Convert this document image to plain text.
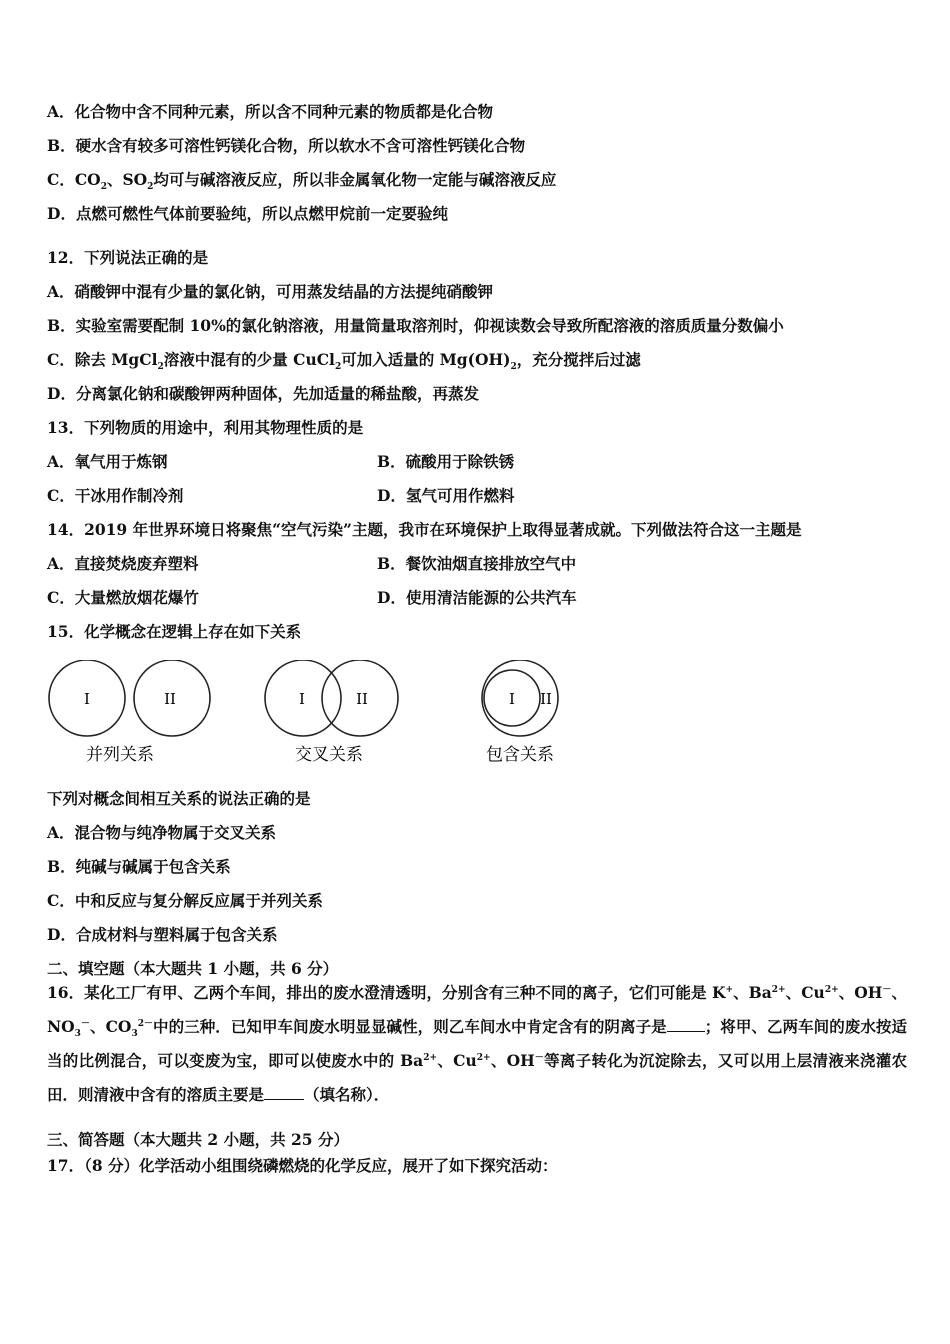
A．化合物中含不同种元素，所以含不同种元素的物质都是化合物
B．硬水含有较多可溶性钙镁化合物，所以软水不含可溶性钙镁化合物
C．$CO_2$、$SO_2$均可与碱溶液反应，所以非金属氧化物一定能与碱溶液反应
D．点燃可燃性气体前要验纯，所以点燃甲烷前一定要验纯
12．下列说法正确的是
A．硝酸钾中混有少量的氯化钠，可用蒸发结晶的方法提纯硝酸钾
B．实验室需要配制 10%的氯化钠溶液，用量筒量取溶剂时，仰视读数会导致所配溶液的溶质质量分数偏小
C．除去 MgCl$_2$溶液中混有的少量 CuCl$_2$可加入适量的 $Mg(OH)_2$，充分搅拌后过滤
D．分离氯化钠和碳酸钾两种固体，先加适量的稀盐酸，再蒸发
13．下列物质的用途中，利用其物理性质的是
A．氧气用于炼钢	B．硫酸用于除铁锈
C．干冰用作制冷剂	D．氢气可用作燃料
14．2019 年世界环境日将聚焦“空气污染”主题，我市在环境保护上取得显著成就。下列做法符合这一主题是
A．直接焚烧废弃塑料	B．餐饮油烟直接排放空气中
C．大量燃放烟花爆竹	D．使用清洁能源的公共汽车
15．化学概念在逻辑上存在如下关系
I	II
并列关系
I	II
交叉关系
I II
包含关系
下列对概念间相互关系的说法正确的是
A．混合物与纯净物属于交叉关系
B．纯碱与碱属于包含关系
C．中和反应与复分解反应属于并列关系
D．合成材料与塑料属于包含关系
二、填空题（本大题共 1 小题，共 6 分）
16．某化工厂有甲、乙两个车间，排出的废水澄清透明，分别含有三种不同的离子，它们可能是 K+、$Ba^{2+}$、$Cu^{2+}$、OH－、$NO_3^-$、$CO_3^{2-}$中的三种．已知甲车间废水明显显碱性，则乙车间水中肯定含有的阴离子是 ；将甲、乙两车间的废水按适当的比例混合，可以变废为宝，即可以使废水中的 $Ba^{2+}$、$Cu^{2+}$、OH－等离子转化为沉淀除去，又可以用上层清液来浇灌农田．则清液中含有的溶质主要是	（填名称）．
三、简答题（本大题共 2 小题，共 25 分）
17．（8 分）化学活动小组围绕磷燃烧的化学反应，展开了如下探究活动：
